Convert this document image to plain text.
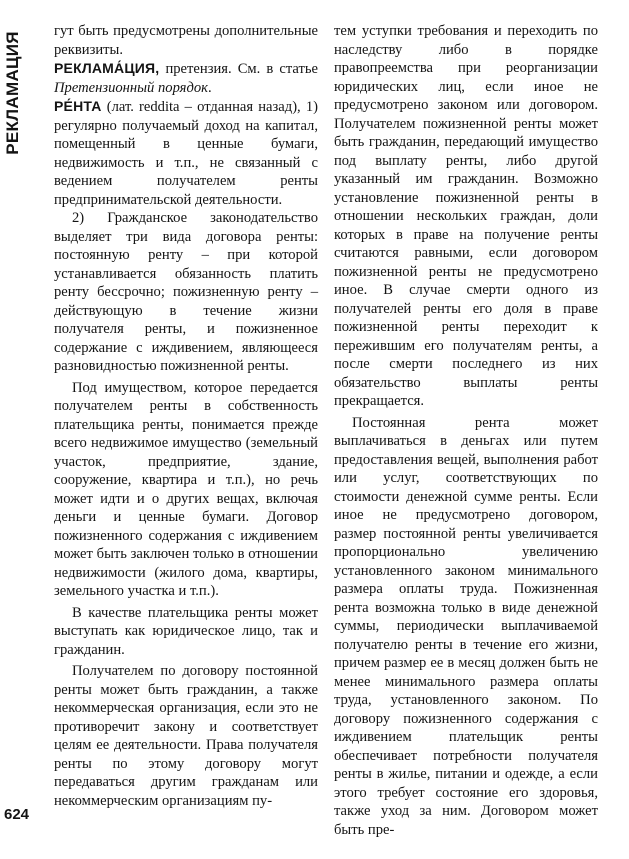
РЕКЛАМАЦИЯ
624

гут быть предусмотрены дополнительные реквизиты.

РЕКЛАМА́ЦИЯ, претензия. См. в статье Претензионный порядок.

РЕ́НТА (лат. reddita – отданная назад), 1) регулярно получаемый доход на капитал, помещенный в ценные бумаги, недвижимость и т.п., не связанный с ведением получателем ренты предпринимательской деятельности.

2) Гражданское законодательство выделяет три вида договора ренты: постоянную ренту – при которой устанавливается обязанность платить ренту бессрочно; пожизненную ренту – действующую в течение жизни получателя ренты, и пожизненное содержание с иждивением, являющееся разновидностью пожизненной ренты.

Под имуществом, которое передается получателем ренты в собственность плательщика ренты, понимается прежде всего недвижимое имущество (земельный участок, предприятие, здание, сооружение, квартира и т.п.), но речь может идти и о других вещах, включая деньги и ценные бумаги. Договор пожизненного содержания с иждивением может быть заключен только в отношении недвижимости (жилого дома, квартиры, земельного участка и т.п.).

В качестве плательщика ренты может выступать как юридическое лицо, так и гражданин.

Получателем по договору постоянной ренты может быть гражданин, а также некоммерческая организация, если это не противоречит закону и соответствует целям ее деятельности. Права получателя ренты по этому договору могут передаваться другим гражданам или некоммерческим организациям пу-

тем уступки требования и переходить по наследству либо в порядке правопреемства при реорганизации юридических лиц, если иное не предусмотрено законом или договором. Получателем пожизненной ренты может быть гражданин, передающий имущество под выплату ренты, либо другой указанный им гражданин. Возможно установление пожизненной ренты в отношении нескольких граждан, доли которых в праве на получение ренты считаются равными, если договором пожизненной ренты не предусмотрено иное. В случае смерти одного из получателей ренты его доля в праве пожизненной ренты переходит к пережившим его получателям ренты, а после смерти последнего из них обязательство выплаты ренты прекращается.

Постоянная рента может выплачиваться в деньгах или путем предоставления вещей, выполнения работ или услуг, соответствующих по стоимости денежной сумме ренты. Если иное не предусмотрено договором, размер постоянной ренты увеличивается пропорционально увеличению установленного законом минимального размера оплаты труда. Пожизненная рента возможна только в виде денежной суммы, периодически выплачиваемой получателю ренты в течение его жизни, причем размер ее в месяц должен быть не менее минимального размера оплаты труда, установленного законом. По договору пожизненного содержания с иждивением плательщик ренты обеспечивает потребности получателя ренты в жилье, питании и одежде, а если этого требует состояние его здоровья, также уход за ним. Договором может быть пре-
